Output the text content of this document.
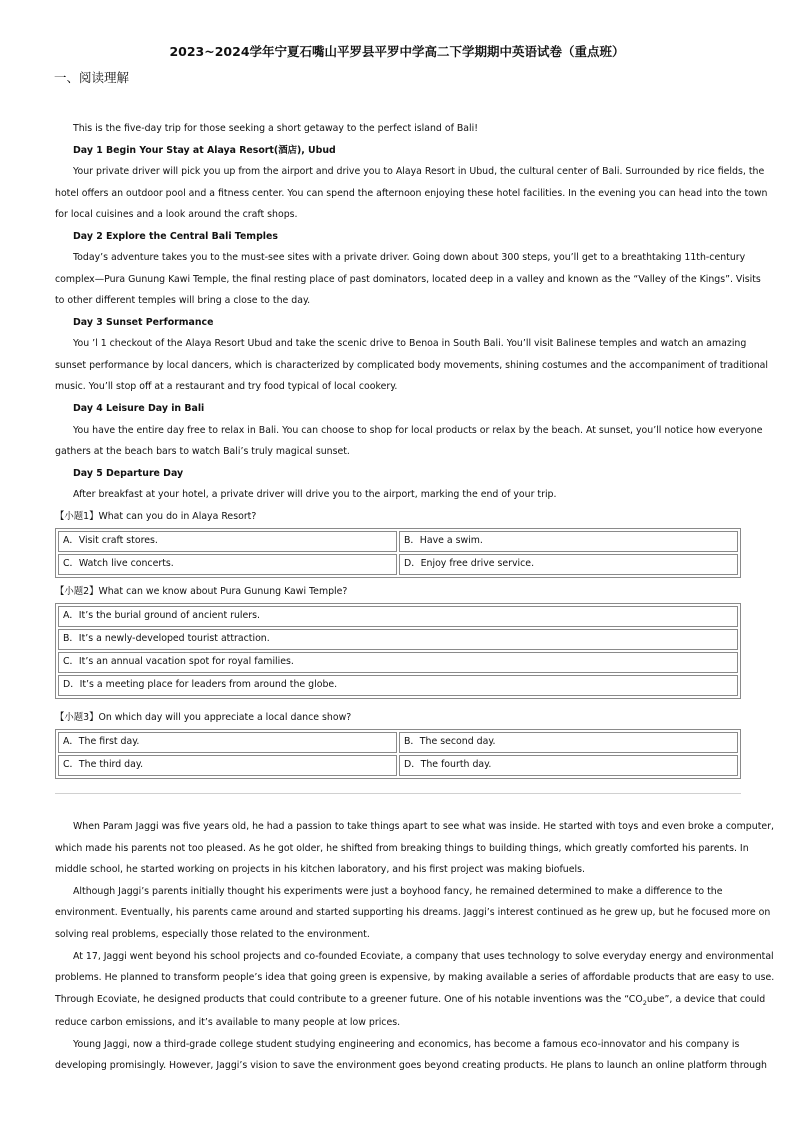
2023~2024学年宁夏石嘴山平罗县平罗中学高二下学期期中英语试卷（重点班）
一、阅读理解
This is the five-day trip for those seeking a short getaway to the perfect island of Bali!
Day 1 Begin Your Stay at Alaya Resort(酒店), Ubud
Your private driver will pick you up from the airport and drive you to Alaya Resort in Ubud, the cultural center of Bali. Surrounded by rice fields, the
hotel offers an outdoor pool and a fitness center. You can spend the afternoon enjoying these hotel facilities. In the evening you can head into the town
for local cuisines and a look around the craft shops.
Day 2 Explore the Central Bali Temples
Today’s adventure takes you to the must-see sites with a private driver. Going down about 300 steps, you’ll get to a breathtaking 11th-century
complex—Pura Gunung Kawi Temple, the final resting place of past dominators, located deep in a valley and known as the “Valley of the Kings”. Visits
to other different temples will bring a close to the day.
Day 3 Sunset Performance
You ’l 1 checkout of the Alaya Resort Ubud and take the scenic drive to Benoa in South Bali. You’ll visit Balinese temples and watch an amazing
sunset performance by local dancers, which is characterized by complicated body movements, shining costumes and the accompaniment of traditional
music. You’ll stop off at a restaurant and try food typical of local cookery.
Day 4 Leisure Day in Bali
You have the entire day free to relax in Bali. You can choose to shop for local products or relax by the beach. At sunset, you’ll notice how everyone
gathers at the beach bars to watch Bali’s truly magical sunset.
Day 5 Departure Day
After breakfast at your hotel, a private driver will drive you to the airport, marking the end of your trip.
【小题1】What can you do in Alaya Resort?
A．Visit craft stores.	B．Have a swim.
C．Watch live concerts.	D．Enjoy free drive service.
【小题2】What can we know about Pura Gunung Kawi Temple?
A．It’s the burial ground of ancient rulers.
B．It’s a newly-developed tourist attraction.
C．It’s an annual vacation spot for royal families.
D．It’s a meeting place for leaders from around the globe.
【小题3】On which day will you appreciate a local dance show?
A．The first day.	B．The second day.
C．The third day.	D．The fourth day.
When Param Jaggi was five years old, he had a passion to take things apart to see what was inside. He started with toys and even broke a computer,
which made his parents not too pleased. As he got older, he shifted from breaking things to building things, which greatly comforted his parents. In
middle school, he started working on projects in his kitchen laboratory, and his first project was making biofuels.
Although Jaggi’s parents initially thought his experiments were just a boyhood fancy, he remained determined to make a difference to the
environment. Eventually, his parents came around and started supporting his dreams. Jaggi’s interest continued as he grew up, but he focused more on
solving real problems, especially those related to the environment.
At 17, Jaggi went beyond his school projects and co-founded Ecoviate, a company that uses technology to solve everyday energy and environmental
problems. He planned to transform people’s idea that going green is expensive, by making available a series of affordable products that are easy to use.
Through Ecoviate, he designed products that could contribute to a greener future. One of his notable inventions was the “$CO_2ube$”, a device that could
reduce carbon emissions, and it’s available to many people at low prices.
Young Jaggi, now a third-grade college student studying engineering and economics, has become a famous eco-innovator and his company is
developing promisingly. However, Jaggi’s vision to save the environment goes beyond creating products. He plans to launch an online platform through
